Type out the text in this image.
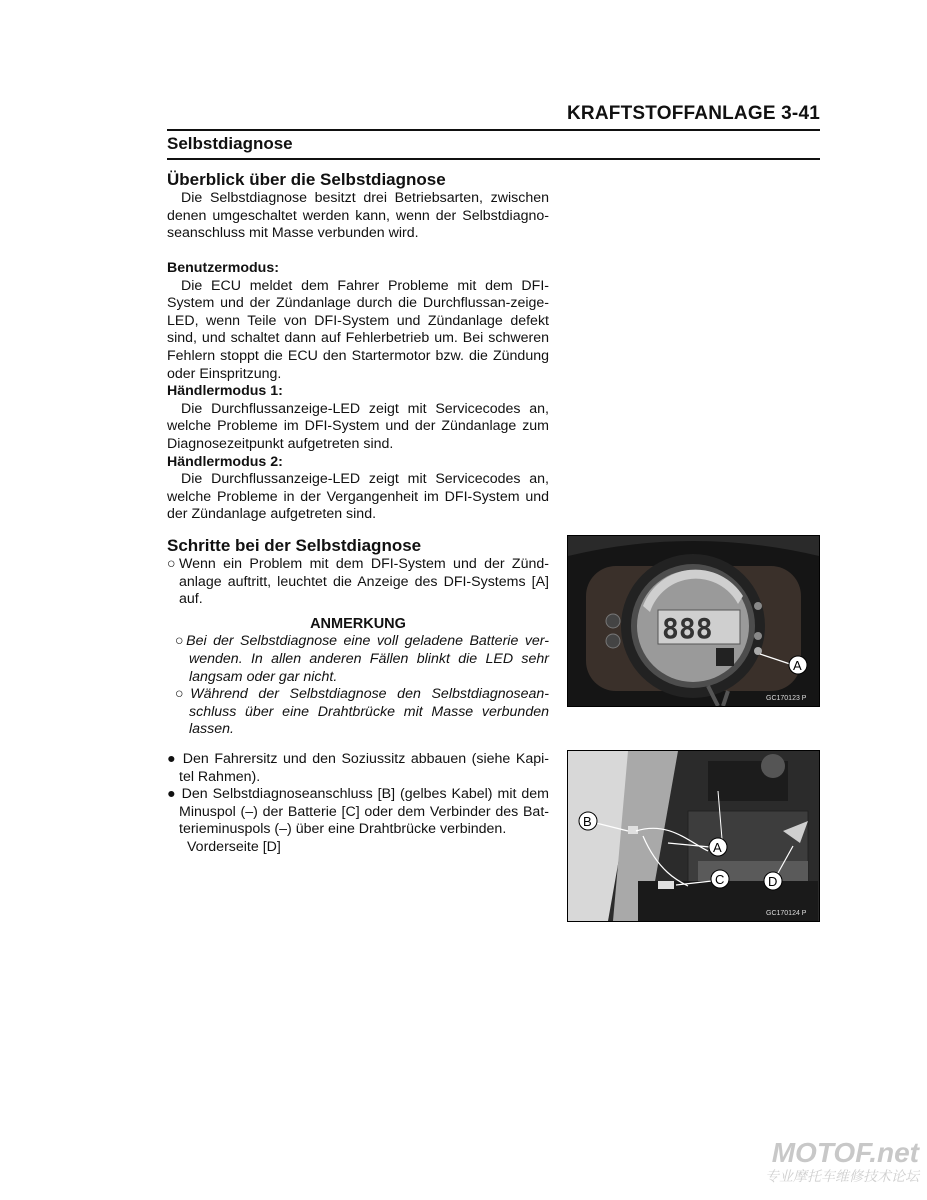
KRAFTSTOFFANLAGE 3-41
Selbstdiagnose
Überblick über die Selbstdiagnose
Die Selbstdiagnose besitzt drei Betriebsarten, zwischen denen umgeschaltet werden kann, wenn der Selbstdiagno-seanschluss mit Masse verbunden wird.
Benutzermodus:
Die ECU meldet dem Fahrer Probleme mit dem DFI-System und der Zündanlage durch die Durchflussan-zeige-LED, wenn Teile von DFI-System und Zündanlage defekt sind, und schaltet dann auf Fehlerbetrieb um. Bei schweren Fehlern stoppt die ECU den Startermotor bzw. die Zündung oder Einspritzung.
Händlermodus 1:
Die Durchflussanzeige-LED zeigt mit Servicecodes an, welche Probleme im DFI-System und der Zündanlage zum Diagnosezeitpunkt aufgetreten sind.
Händlermodus 2:
Die Durchflussanzeige-LED zeigt mit Servicecodes an, welche Probleme in der Vergangenheit im DFI-System und der Zündanlage aufgetreten sind.
Schritte bei der Selbstdiagnose
○Wenn ein Problem mit dem DFI-System und der Zünd-anlage auftritt, leuchtet die Anzeige des DFI-Systems [A] auf.
ANMERKUNG
○Bei der Selbstdiagnose eine voll geladene Batterie ver-wenden. In allen anderen Fällen blinkt die LED sehr langsam oder gar nicht.
○Während der Selbstdiagnose den Selbstdiagnosean-schluss über eine Drahtbrücke mit Masse verbunden lassen.
● Den Fahrersitz und den Soziussitz abbauen (siehe Kapi-tel Rahmen).
● Den Selbstdiagnoseanschluss [B] (gelbes Kabel) mit dem Minuspol (–) der Batterie [C] oder dem Verbinder des Bat-terieminuspols (–) über eine Drahtbrücke verbinden.
Vorderseite [D]
888
A
GC170123 P
B
A
C	D
GC170124 P
MOTOF.net
专业摩托车维修技术论坛
